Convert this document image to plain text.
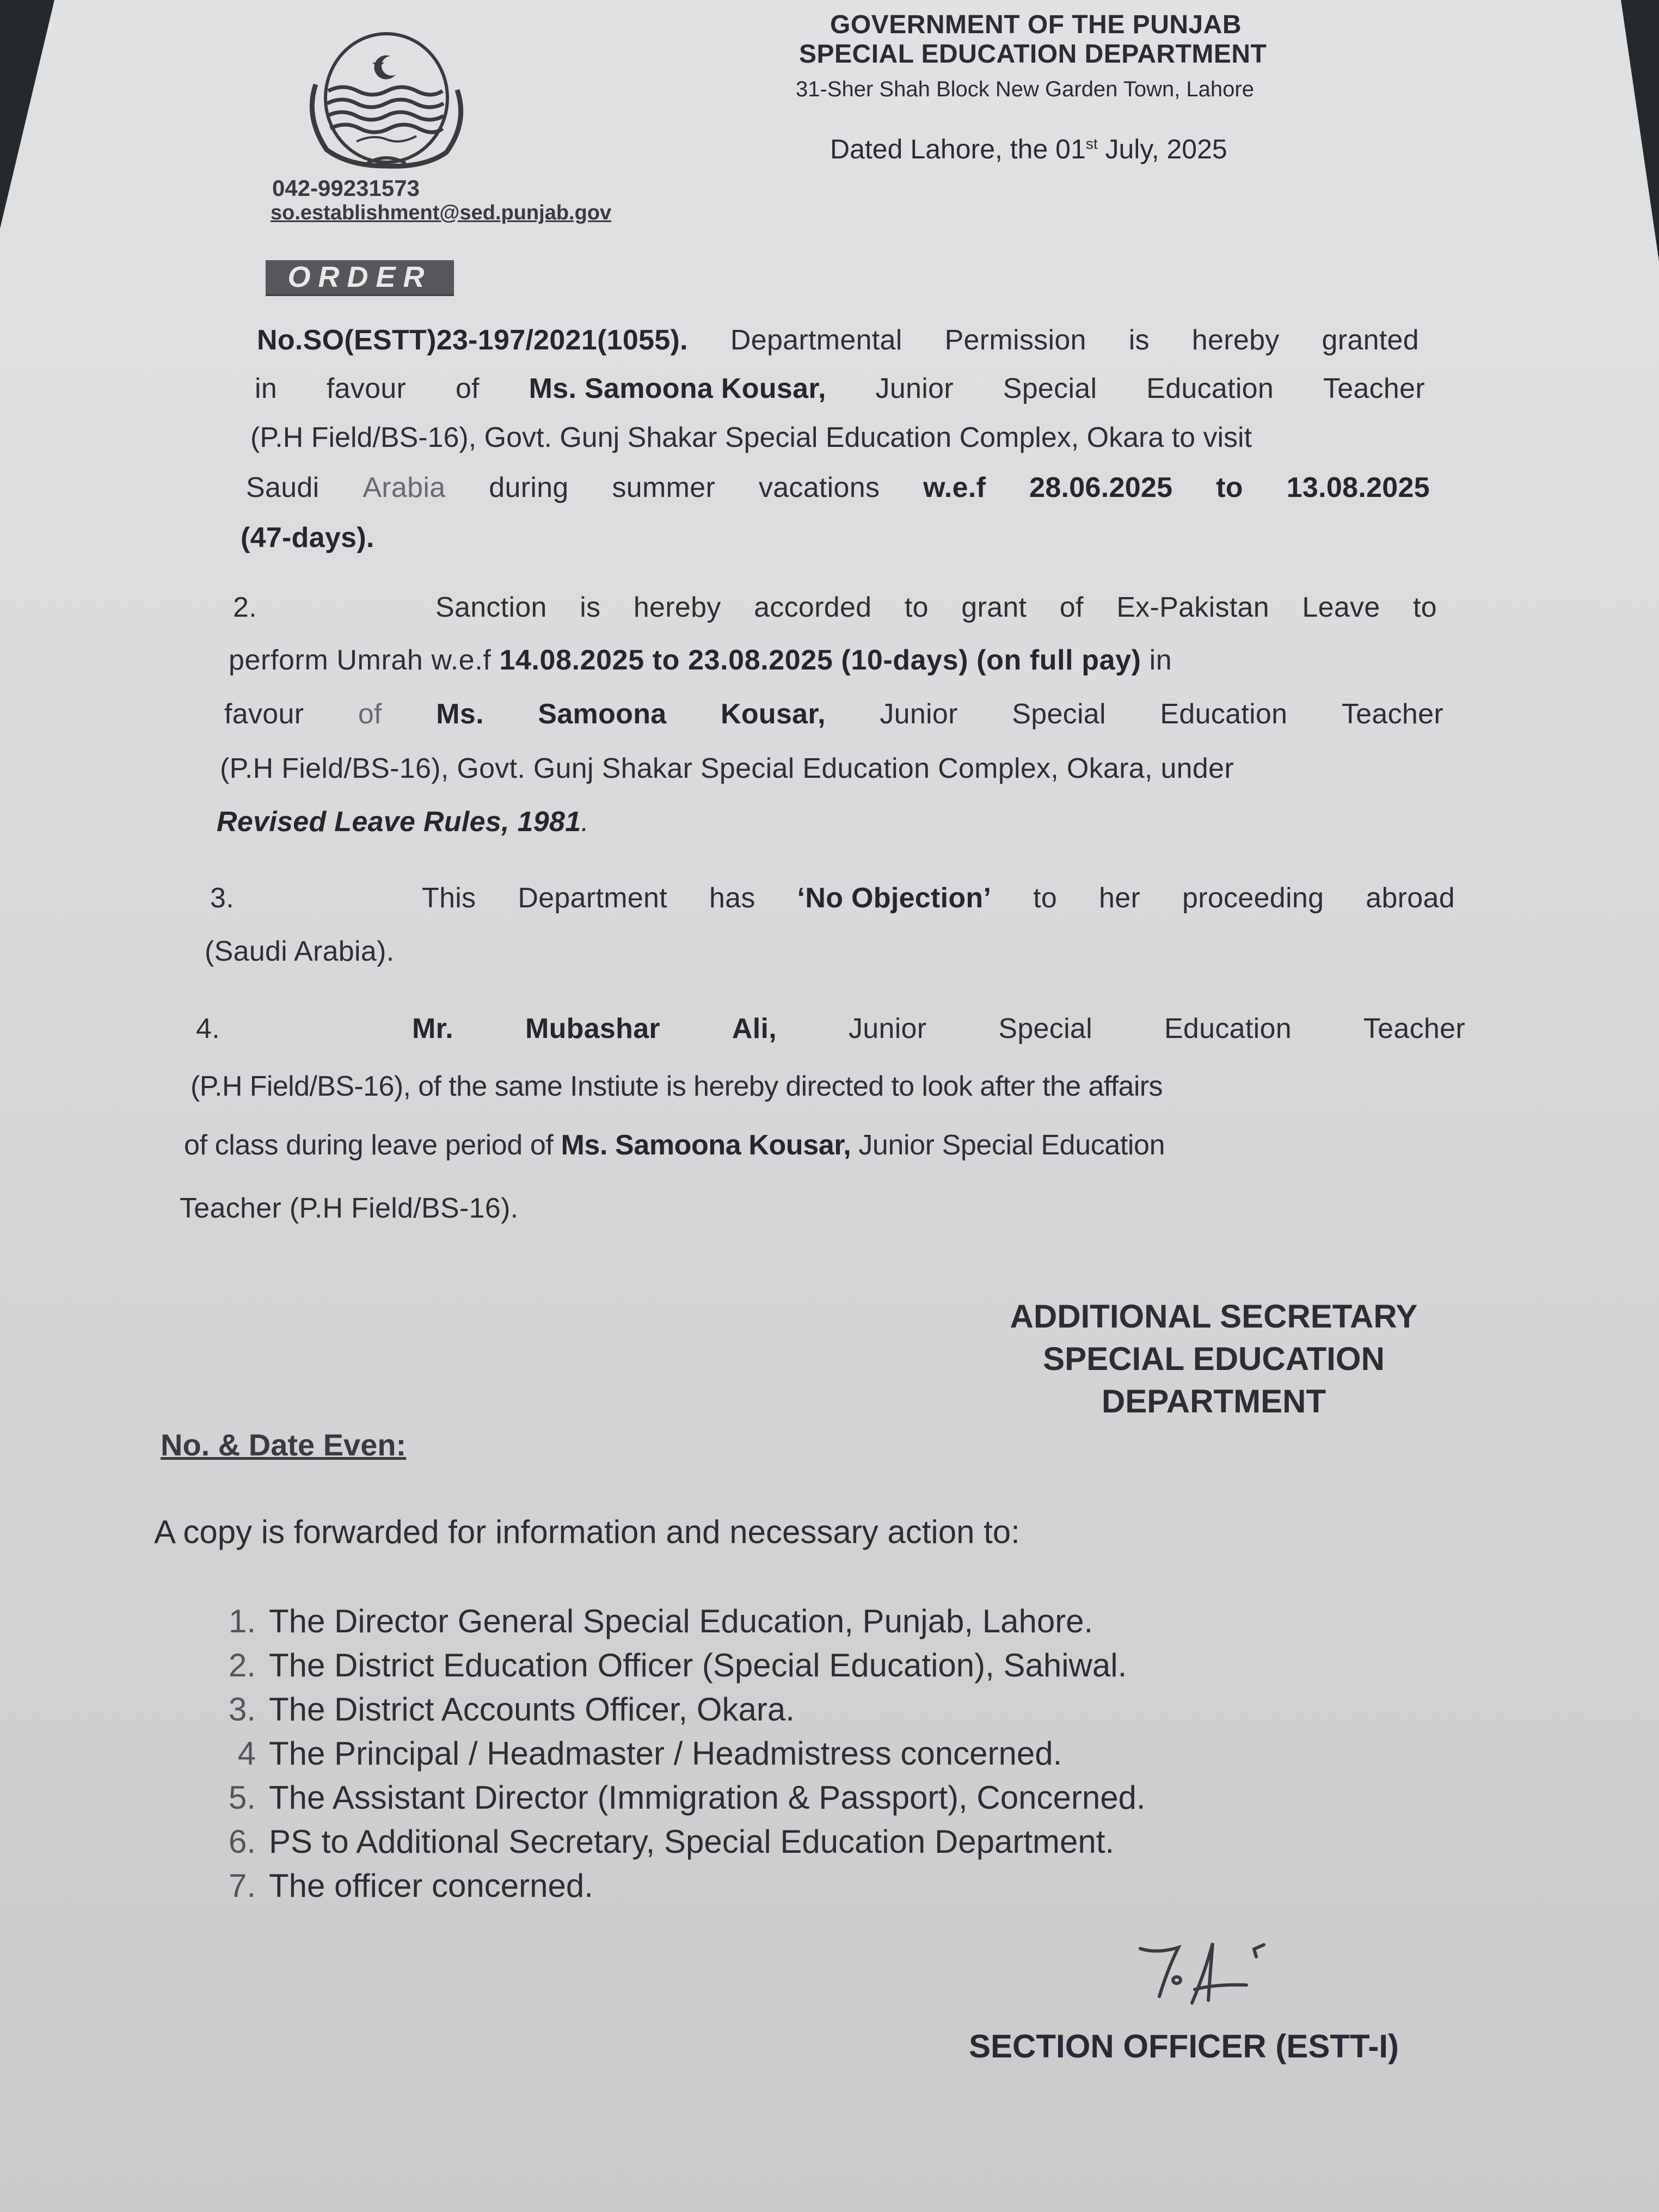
GOVERNMENT OF THE PUNJAB
SPECIAL EDUCATION DEPARTMENT
31-Sher Shah Block New Garden Town, Lahore
Dated Lahore, the 01st July, 2025
042-99231573
so.establishment@sed.punjab.gov
ORDER
No.SO(ESTT)23-197/2021(1055). Departmental Permission is hereby granted
in favour of Ms. Samoona Kousar, Junior Special Education Teacher
(P.H Field/BS-16), Govt. Gunj Shakar Special Education Complex, Okara to visit
Saudi Arabia during summer vacations w.e.f 28.06.2025 to 13.08.2025
(47-days).
2.	Sanction is hereby accorded to grant of Ex-Pakistan Leave to
perform Umrah w.e.f 14.08.2025 to 23.08.2025 (10-days) (on full pay) in
favour of Ms. Samoona Kousar, Junior Special Education Teacher
(P.H Field/BS-16), Govt. Gunj Shakar Special Education Complex, Okara, under
Revised Leave Rules, 1981.
3.	This Department has ‘No Objection’ to her proceeding abroad
(Saudi Arabia).
4.	Mr.	Mubashar	Ali,	Junior	Special	Education	Teacher
(P.H Field/BS-16), of the same Instiute is hereby directed to look after the affairs
of class during leave period of Ms. Samoona Kousar, Junior Special Education
Teacher (P.H Field/BS-16).
ADDITIONAL SECRETARY
SPECIAL EDUCATION
DEPARTMENT
No. & Date Even:
A copy is forwarded for information and necessary action to:
1. The Director General Special Education, Punjab, Lahore.
2. The District Education Officer (Special Education), Sahiwal.
3. The District Accounts Officer, Okara.
4 The Principal / Headmaster / Headmistress concerned.
5. The Assistant Director (Immigration & Passport), Concerned.
6. PS to Additional Secretary, Special Education Department.
7. The officer concerned.
SECTION OFFICER (ESTT-I)
